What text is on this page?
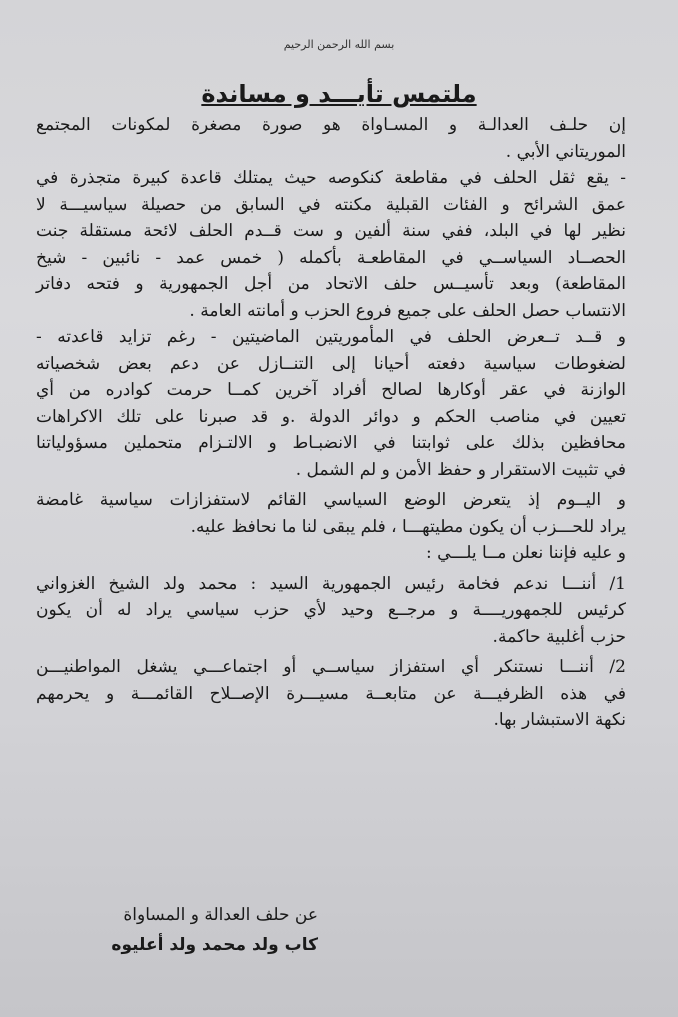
بسم الله الرحمن الرحيم
ملتمس تأيـــد و مساندة
إن حلـف العدالـة و المسـاواة هو صورة مصغرة لمكونات المجتمع
الموريتاني الأبي .
- يقع ثقل الحلف في مقاطعة كنكوصه حيث يمتلك قاعدة كبيرة متجذرة في
عمق الشرائح و الفئات القبلية مكنته في السابق من حصيلة سياسيـــة لا
نظير لها في البلد، ففي سنة ألفين و ست قــدم الحلف لائحة مستقلة جنت
الحصــاد السياســي في المقاطعـة بأكمله ( خمس عمد - نائبين - شيخ
المقاطعة) وبعد تأسيــس حلف الاتحاد من أجل الجمهورية و فتحه دفاتر
الانتساب حصل الحلف على جميع فروع الحزب و أمانته العامة .
و قــد تــعرض الحلف في المأموريتين الماضيتين - رغم تزايد قاعدته -
لضغوطات سياسية دفعته أحيانا إلى التنــازل عن دعم بعض شخصياته
الوازنة في عقر أوكارها لصالح أفراد آخرين كمــا حرمت كوادره من أي
تعيين في مناصب الحكم و دوائر الدولة .و قد صبرنا على تلك الاكراهات
محافظين بذلك على ثوابتنا في الانضبـاط و الالتـزام متحملين مسؤولياتنا
في تثبيت الاستقرار و حفظ الأمن و لم الشمل .
و اليــوم إذ يتعرض الوضع السياسي القائم لاستفزازات سياسية غامضة
يراد للحـــزب أن يكون مطيتهـــا ، فلم يبقى لنا ما نحافظ عليه.
و عليه فإننا نعلن مــا يلـــي :
1/ أننـــا ندعم فخامة رئيس الجمهورية السيد : محمد ولد الشيخ الغزواني
كرئيس للجمهوريــــة و مرجــع وحيد لأي حزب سياسي يراد له أن يكون
حزب أغلبية حاكمة.
2/ أننـــا نستنكر أي استفزاز سياســي أو اجتماعـــي يشغل المواطنيـــن
في هذه الظرفيـــة عن متابعــة مسيـــرة الإصــلاح القائمـــة و يحرمهم
نكهة الاستبشار بها.
عن حلف العدالة و المساواة
كاب ولد محمد ولد أعليوه
